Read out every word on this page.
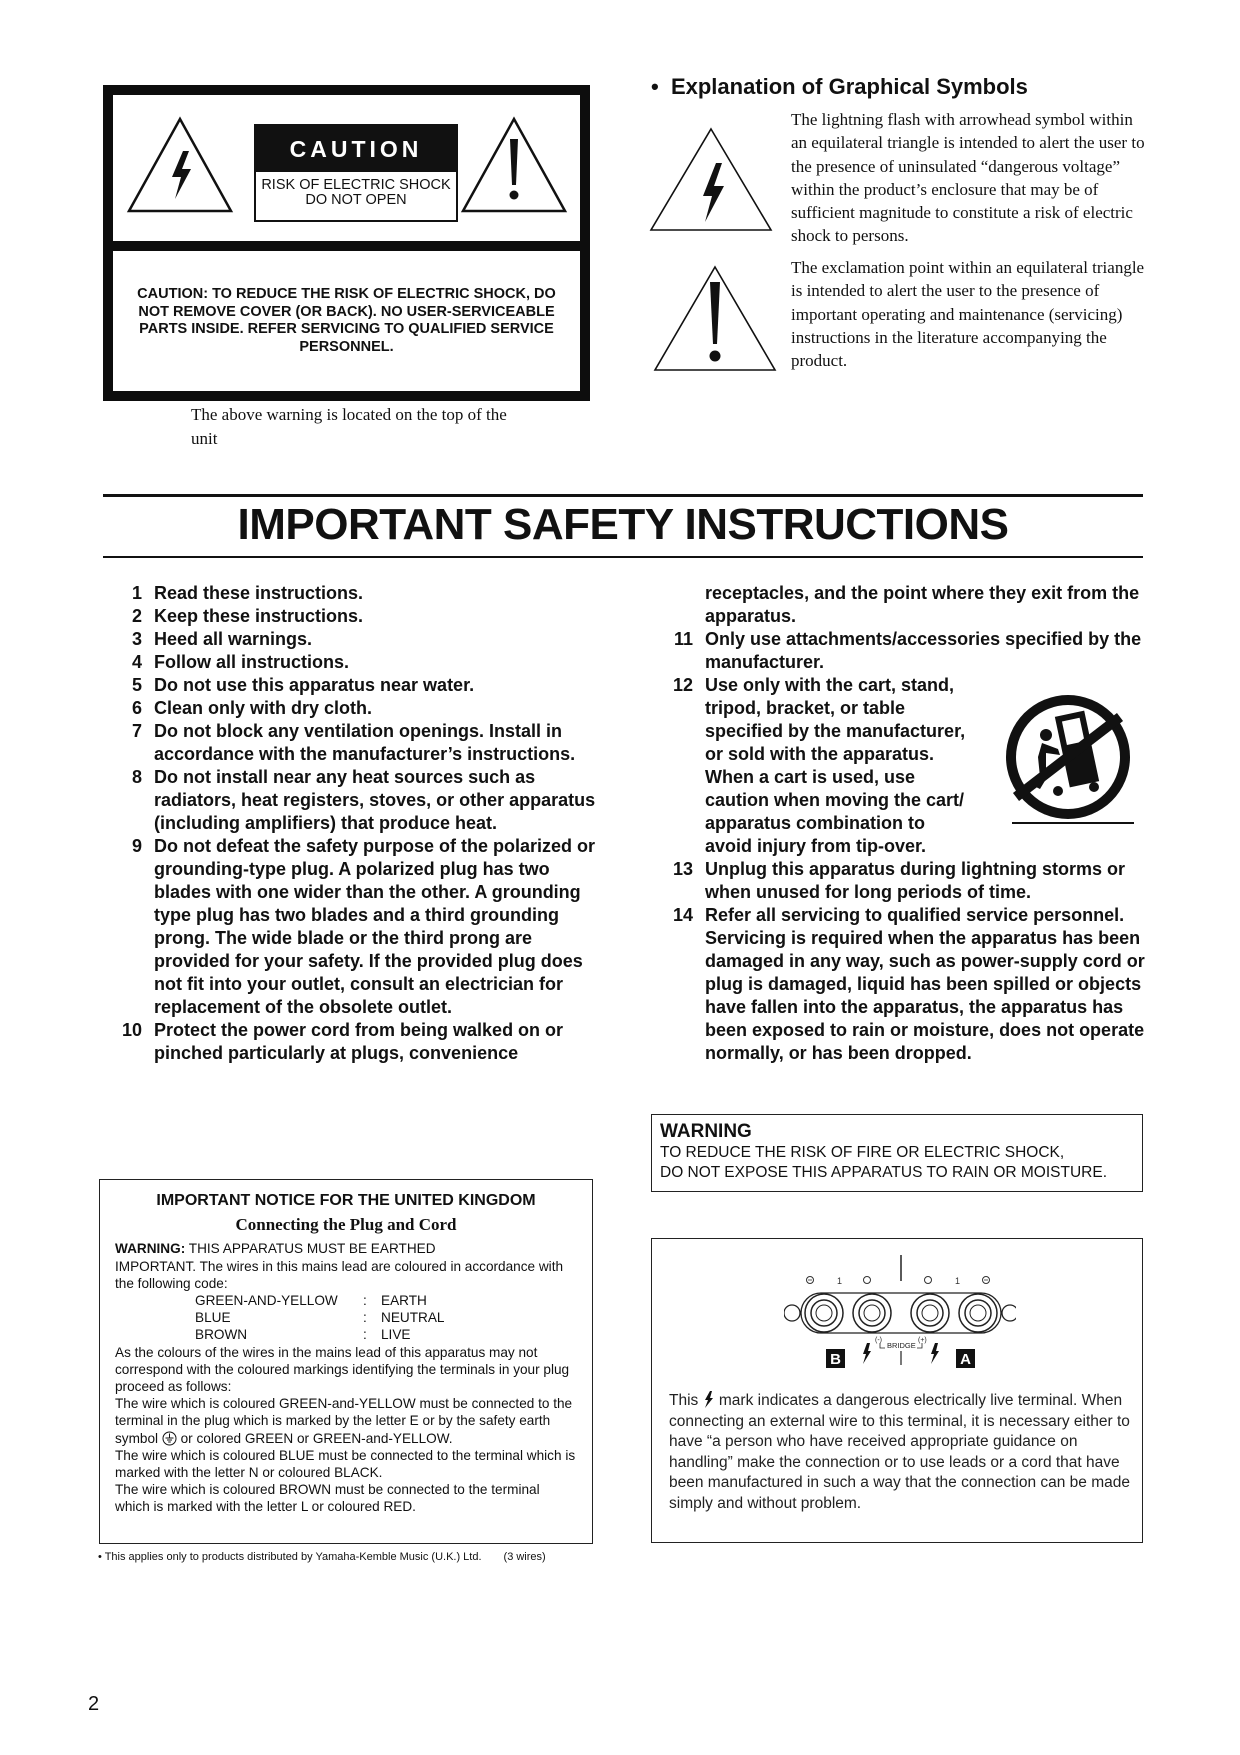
CAUTION
RISK OF ELECTRIC SHOCK
DO NOT OPEN
CAUTION: TO REDUCE THE RISK OF ELECTRIC SHOCK, DO NOT REMOVE COVER (OR BACK). NO USER-SERVICEABLE PARTS INSIDE. REFER SERVICING TO QUALIFIED SERVICE PERSONNEL.
The above warning is located on the top of the unit
•  Explanation of Graphical Symbols
The lightning flash with arrowhead symbol within an equilateral triangle is intended to alert the user to the presence of uninsulated “dangerous voltage” within the product’s enclosure that may be of sufficient magnitude to constitute a risk of electric shock to persons.
The exclamation point within an equilateral triangle is intended to alert the user to the presence of important operating and maintenance (servicing) instructions in the literature accompanying the product.
IMPORTANT SAFETY INSTRUCTIONS
1 Read these instructions.
2 Keep these instructions.
3 Heed all warnings.
4 Follow all instructions.
5 Do not use this apparatus near water.
6 Clean only with dry cloth.
7 Do not block any ventilation openings. Install in accordance with the manufacturer’s instructions.
8 Do not install near any heat sources such as radiators, heat registers, stoves, or other apparatus (including amplifiers) that produce heat.
9 Do not defeat the safety purpose of the polarized or grounding-type plug. A polarized plug has two blades with one wider than the other. A grounding type plug has two blades and a third grounding prong. The wide blade or the third prong are provided for your safety. If the provided plug does not fit into your outlet, consult an electrician for replacement of the obsolete outlet.
10 Protect the power cord from being walked on or pinched particularly at plugs, convenience
receptacles, and the point where they exit from the apparatus.
11 Only use attachments/accessories specified by the manufacturer.
12 Use only with the cart, stand, tripod, bracket, or table specified by the manufacturer, or sold with the apparatus. When a cart is used, use caution when moving the cart/ apparatus combination to avoid injury from tip-over.
13 Unplug this apparatus during lightning storms or when unused for long periods of time.
14 Refer all servicing to qualified service personnel. Servicing is required when the apparatus has been damaged in any way, such as power-supply cord or plug is damaged, liquid has been spilled or objects have fallen into the apparatus, the apparatus has been exposed to rain or moisture, does not operate normally, or has been dropped.
WARNING
TO REDUCE THE RISK OF FIRE OR ELECTRIC SHOCK,
DO NOT EXPOSE THIS APPARATUS TO RAIN OR MOISTURE.
IMPORTANT NOTICE FOR THE UNITED KINGDOM
Connecting the Plug and Cord
WARNING: THIS APPARATUS MUST BE EARTHED
IMPORTANT. The wires in this mains lead are coloured in accordance with the following code:
GREEN-AND-YELLOW	:	EARTH
BLUE	:	NEUTRAL
BROWN	:	LIVE
As the colours of the wires in the mains lead of this apparatus may not correspond with the coloured markings identifying the terminals in your plug proceed as follows:
The wire which is coloured GREEN-and-YELLOW must be connected to the terminal in the plug which is marked by the letter E or by the safety earth symbol  or colored GREEN or GREEN-and-YELLOW.
The wire which is coloured BLUE must be connected to the terminal which is marked with the letter N or coloured BLACK.
The wire which is coloured BROWN must be connected to the terminal which is marked with the letter L or coloured RED.
• This applies only to products distributed by Yamaha-Kemble Music (U.K.) Ltd. (3 wires)
1	1
(-)	(+)
BRIDGE
B	A
This  mark indicates a dangerous electrically live terminal. When connecting an external wire to this terminal, it is necessary either to have “a person who have received appropriate guidance on handling” make the connection or to use leads or a cord that have been manufactured in such a way that the connection can be made simply and without problem.
2
